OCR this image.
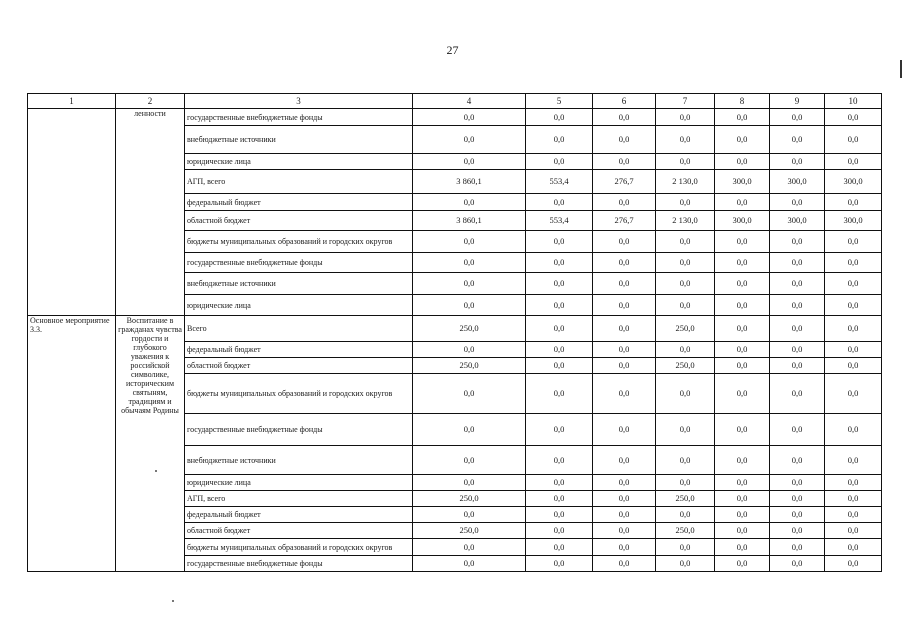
27
1	2	3	4	5	6	7	8	9	10
	ленности	государственные внебюджетные фонды	0,0	0,0	0,0	0,0	0,0	0,0	0,0
		внебюджетные источники	0,0	0,0	0,0	0,0	0,0	0,0	0,0
		юридические лица	0,0	0,0	0,0	0,0	0,0	0,0	0,0
		АГП, всего	3 860,1	553,4	276,7	2 130,0	300,0	300,0	300,0
		федеральный бюджет	0,0	0,0	0,0	0,0	0,0	0,0	0,0
		областной бюджет	3 860,1	553,4	276,7	2 130,0	300,0	300,0	300,0
		бюджеты муниципальных образований и городских округов	0,0	0,0	0,0	0,0	0,0	0,0	0,0
		государственные внебюджетные фонды	0,0	0,0	0,0	0,0	0,0	0,0	0,0
		внебюджетные источники	0,0	0,0	0,0	0,0	0,0	0,0	0,0
		юридические лица	0,0	0,0	0,0	0,0	0,0	0,0	0,0
Основное мероприятие 3.3.	Воспитание в гражданах чувства гордости и глубокого уважения к российской символике, историческим святыням, традициям и обычаям Родины	Всего	250,0	0,0	0,0	250,0	0,0	0,0	0,0
		федеральный бюджет	0,0	0,0	0,0	0,0	0,0	0,0	0,0
		областной бюджет	250,0	0,0	0,0	250,0	0,0	0,0	0,0
		бюджеты муниципальных образований и городских округов	0,0	0,0	0,0	0,0	0,0	0,0	0,0
		государственные внебюджетные фонды	0,0	0,0	0,0	0,0	0,0	0,0	0,0
		внебюджетные источники	0,0	0,0	0,0	0,0	0,0	0,0	0,0
		юридические лица	0,0	0,0	0,0	0,0	0,0	0,0	0,0
		АГП, всего	250,0	0,0	0,0	250,0	0,0	0,0	0,0
		федеральный бюджет	0,0	0,0	0,0	0,0	0,0	0,0	0,0
		областной бюджет	250,0	0,0	0,0	250,0	0,0	0,0	0,0
		бюджеты муниципальных образований и городских округов	0,0	0,0	0,0	0,0	0,0	0,0	0,0
		государственные внебюджетные фонды	0,0	0,0	0,0	0,0	0,0	0,0	0,0
